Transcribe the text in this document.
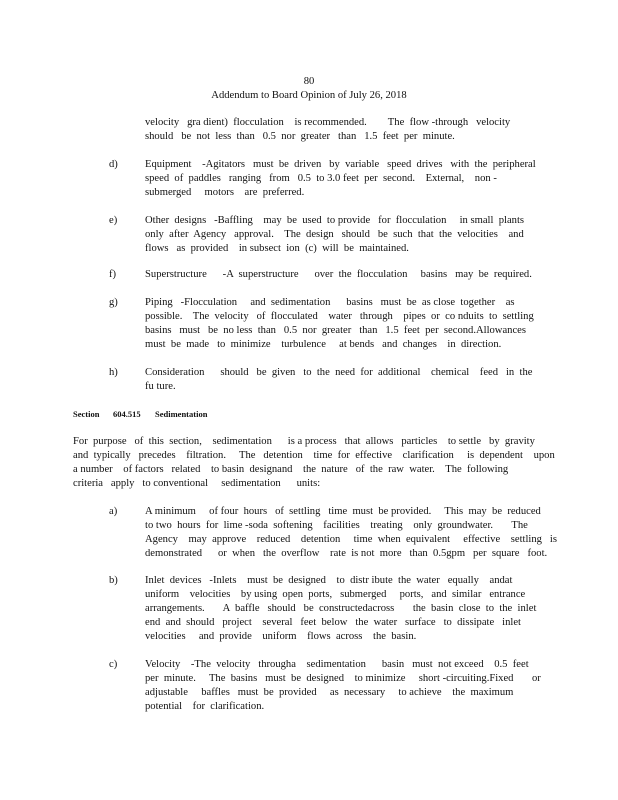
80
Addendum to Board Opinion of July 26, 2018
velocity   gra dient)  flocculation    is recommended.        The  flow -through   velocity
should   be  not  less  than   0.5  nor  greater   than   1.5  feet  per  minute.
d)	Equipment    -Agitators   must  be  driven   by  variable   speed  drives   with  the  peripheral
speed  of  paddles   ranging   from   0.5  to 3.0 feet  per  second.    External,    non -
submerged     motors    are  preferred.
e)	Other  designs   -Baffling    may  be  used  to provide   for  flocculation     in small  plants
only  after  Agency   approval.    The  design   should   be  such  that  the  velocities    and
flows   as  provided    in subsect  ion  (c)  will  be  maintained.
f)	Superstructure      -A  superstructure      over  the  flocculation     basins   may  be  required.
g)	Piping   -Flocculation     and  sedimentation      basins   must  be  as close  together    as
possible.    The  velocity   of  flocculated    water   through    pipes  or  co nduits  to  settling
basins   must   be  no less  than   0.5  nor  greater   than   1.5  feet  per  second.Allowances
must  be  made   to  minimize    turbulence     at bends   and  changes    in  direction.
h)	Consideration      should   be  given   to  the  need  for  additional    chemical    feed   in  the
fu ture.
Section 604.515 Sedimentation
For  purpose   of  this  section,    sedimentation      is a process   that  allows   particles    to settle   by  gravity
and  typically   precedes    filtration.     The   detention    time  for  effective    clarification     is  dependent    upon
a number    of factors   related    to basin  designand    the  nature   of  the  raw  water.    The  following
criteria   apply   to conventional     sedimentation      units:
a)	A minimum     of four  hours   of  settling   time  must  be provided.     This  may  be  reduced
to two  hours  for  lime -soda  softening    facilities    treating    only  groundwater.       The
Agency    may  approve    reduced    detention     time  when  equivalent     effective    settling   is
demonstrated      or  when   the  overflow    rate  is not  more   than  0.5gpm   per  square   foot.
b)	Inlet  devices   -Inlets    must  be  designed    to  distr ibute  the  water   equally    andat
uniform    velocities    by using  open  ports,   submerged     ports,   and  similar   entrance
arrangements.       A  baffle   should   be  constructedacross       the  basin  close  to  the  inlet
end  and  should   project    several   feet  below   the  water   surface   to  dissipate   inlet
velocities     and  provide    uniform    flows  across    the  basin.
c)	Velocity    -The  velocity   througha    sedimentation      basin   must  not exceed    0.5  feet
per  minute.     The  basins   must  be  designed    to minimize     short -circuiting.Fixed       or
adjustable     baffles   must  be  provided     as  necessary     to achieve    the  maximum
potential    for  clarification.
